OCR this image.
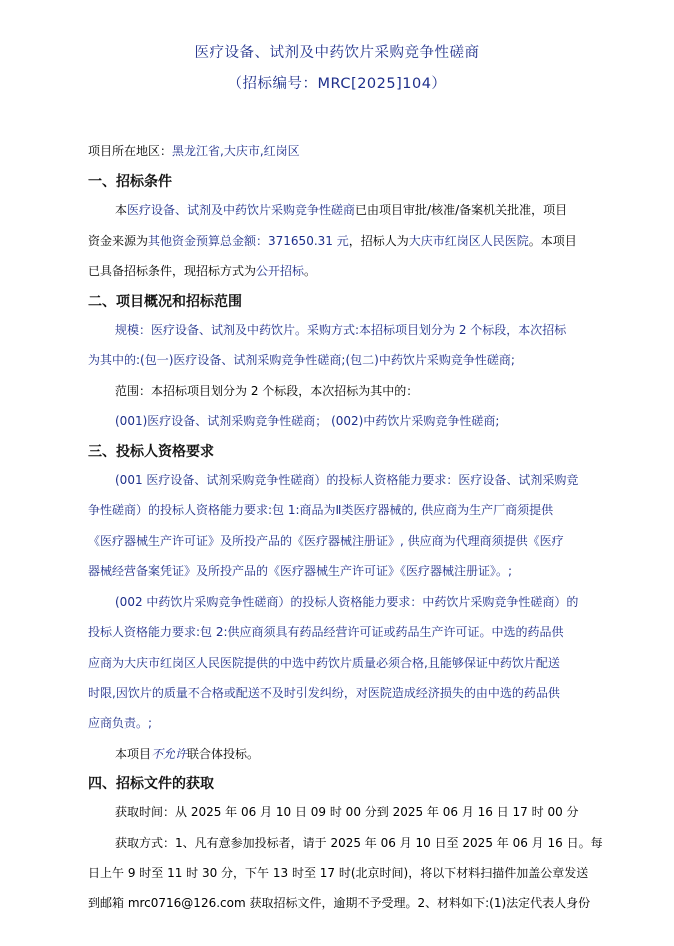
医疗设备、试剂及中药饮片采购竞争性磋商
（招标编号：MRC[2025]104）
项目所在地区：黑龙江省,大庆市,红岗区
一、招标条件
本医疗设备、试剂及中药饮片采购竞争性磋商已由项目审批/核准/备案机关批准，项目
资金来源为其他资金预算总金额：371650.31 元，招标人为大庆市红岗区人民医院。本项目
已具备招标条件，现招标方式为公开招标。
二、项目概况和招标范围
规模：医疗设备、试剂及中药饮片。采购方式:本招标项目划分为 2 个标段，本次招标
为其中的:(包一)医疗设备、试剂采购竞争性磋商;(包二)中药饮片采购竞争性磋商;
范围：本招标项目划分为 2 个标段，本次招标为其中的：
(001)医疗设备、试剂采购竞争性磋商； (002)中药饮片采购竞争性磋商;
三、投标人资格要求
(001 医疗设备、试剂采购竞争性磋商）的投标人资格能力要求：医疗设备、试剂采购竞
争性磋商）的投标人资格能力要求:包 1:商品为Ⅱ类医疗器械的, 供应商为生产厂商须提供
《医疗器械生产许可证》及所投产品的《医疗器械注册证》, 供应商为代理商须提供《医疗
器械经营备案凭证》及所投产品的《医疗器械生产许可证》《医疗器械注册证》。;
(002 中药饮片采购竞争性磋商）的投标人资格能力要求：中药饮片采购竞争性磋商）的
投标人资格能力要求:包 2:供应商须具有药品经营许可证或药品生产许可证。中选的药品供
应商为大庆市红岗区人民医院提供的中选中药饮片质量必须合格,且能够保证中药饮片配送
时限,因饮片的质量不合格或配送不及时引发纠纷，对医院造成经济损失的由中选的药品供
应商负责。;
本项目不允许联合体投标。
四、招标文件的获取
获取时间：从 2025 年 06 月 10 日 09 时 00 分到 2025 年 06 月 16 日 17 时 00 分
获取方式：1、凡有意参加投标者，请于 2025 年 06 月 10 日至 2025 年 06 月 16 日。每
日上午 9 时至 11 时 30 分，下午 13 时至 17 时(北京时间)，将以下材料扫描件加盖公章发送
到邮箱 mrc0716@126.com 获取招标文件，逾期不予受理。2、材料如下:(1)法定代表人身份
